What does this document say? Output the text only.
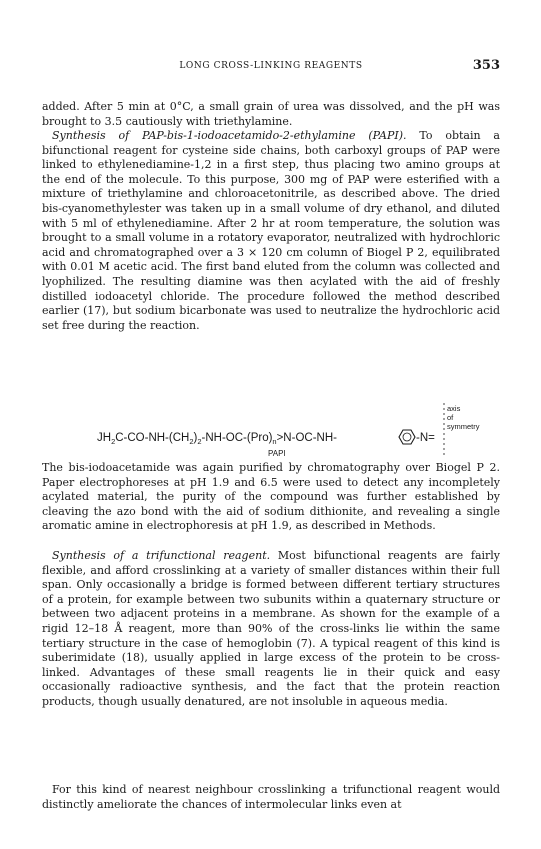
LONG CROSS-LINKING REAGENTS	353

added. After 5 min at 0°C, a small grain of urea was dissolved, and the pH was brought to 3.5 cautiously with triethylamine.

Synthesis of PAP-bis-1-iodoacetamido-2-ethylamine (PAPI). To obtain a bifunctional reagent for cysteine side chains, both carboxyl groups of PAP were linked to ethylenediamine-1,2 in a first step, thus placing two amino groups at the end of the molecule. To this purpose, 300 mg of PAP were esterified with a mixture of triethylamine and chloroacetonitrile, as described above. The dried bis-cyanomethylester was taken up in a small volume of dry ethanol, and diluted with 5 ml of ethylenediamine. After 2 hr at room temperature, the solution was brought to a small volume in a rotatory evaporator, neutralized with hydrochloric acid and chromatographed over a 3 × 120 cm column of Biogel P 2, equilibrated with 0.01 M acetic acid. The first band eluted from the column was collected and lyophilized. The resulting diamine was then acylated with the aid of freshly distilled iodoacetyl chloride. The procedure followed the method described earlier (17), but sodium bicarbonate was used to neutralize the hydrochloric acid set free during the reaction.

$JH_2C-CO-NH-(CH_2)_2-NH-OC-(Pro)_n>N-OC-NH-$	-N=
axis
of
symmetry
PAPI

The bis-iodoacetamide was again purified by chromatography over Biogel P 2. Paper electrophoreses at pH 1.9 and 6.5 were used to detect any incompletely acylated material, the purity of the compound was further established by cleaving the azo bond with the aid of sodium dithionite, and revealing a single aromatic amine in electrophoresis at pH 1.9, as described in Methods.

Synthesis of a trifunctional reagent. Most bifunctional reagents are fairly flexible, and afford crosslinking at a variety of smaller distances within their full span. Only occasionally a bridge is formed between different tertiary structures of a protein, for example between two subunits within a quaternary structure or between two adjacent proteins in a membrane. As shown for the example of a rigid 12–18 Å reagent, more than 90% of the cross-links lie within the same tertiary structure in the case of hemoglobin (7). A typical reagent of this kind is suberimidate (18), usually applied in large excess of the protein to be cross-linked. Advantages of these small reagents lie in their quick and easy occasionally radioactive synthesis, and the fact that the protein reaction products, though usually denatured, are not insoluble in aqueous media.

For this kind of nearest neighbour crosslinking a trifunctional reagent would distinctly ameliorate the chances of intermolecular links even at
